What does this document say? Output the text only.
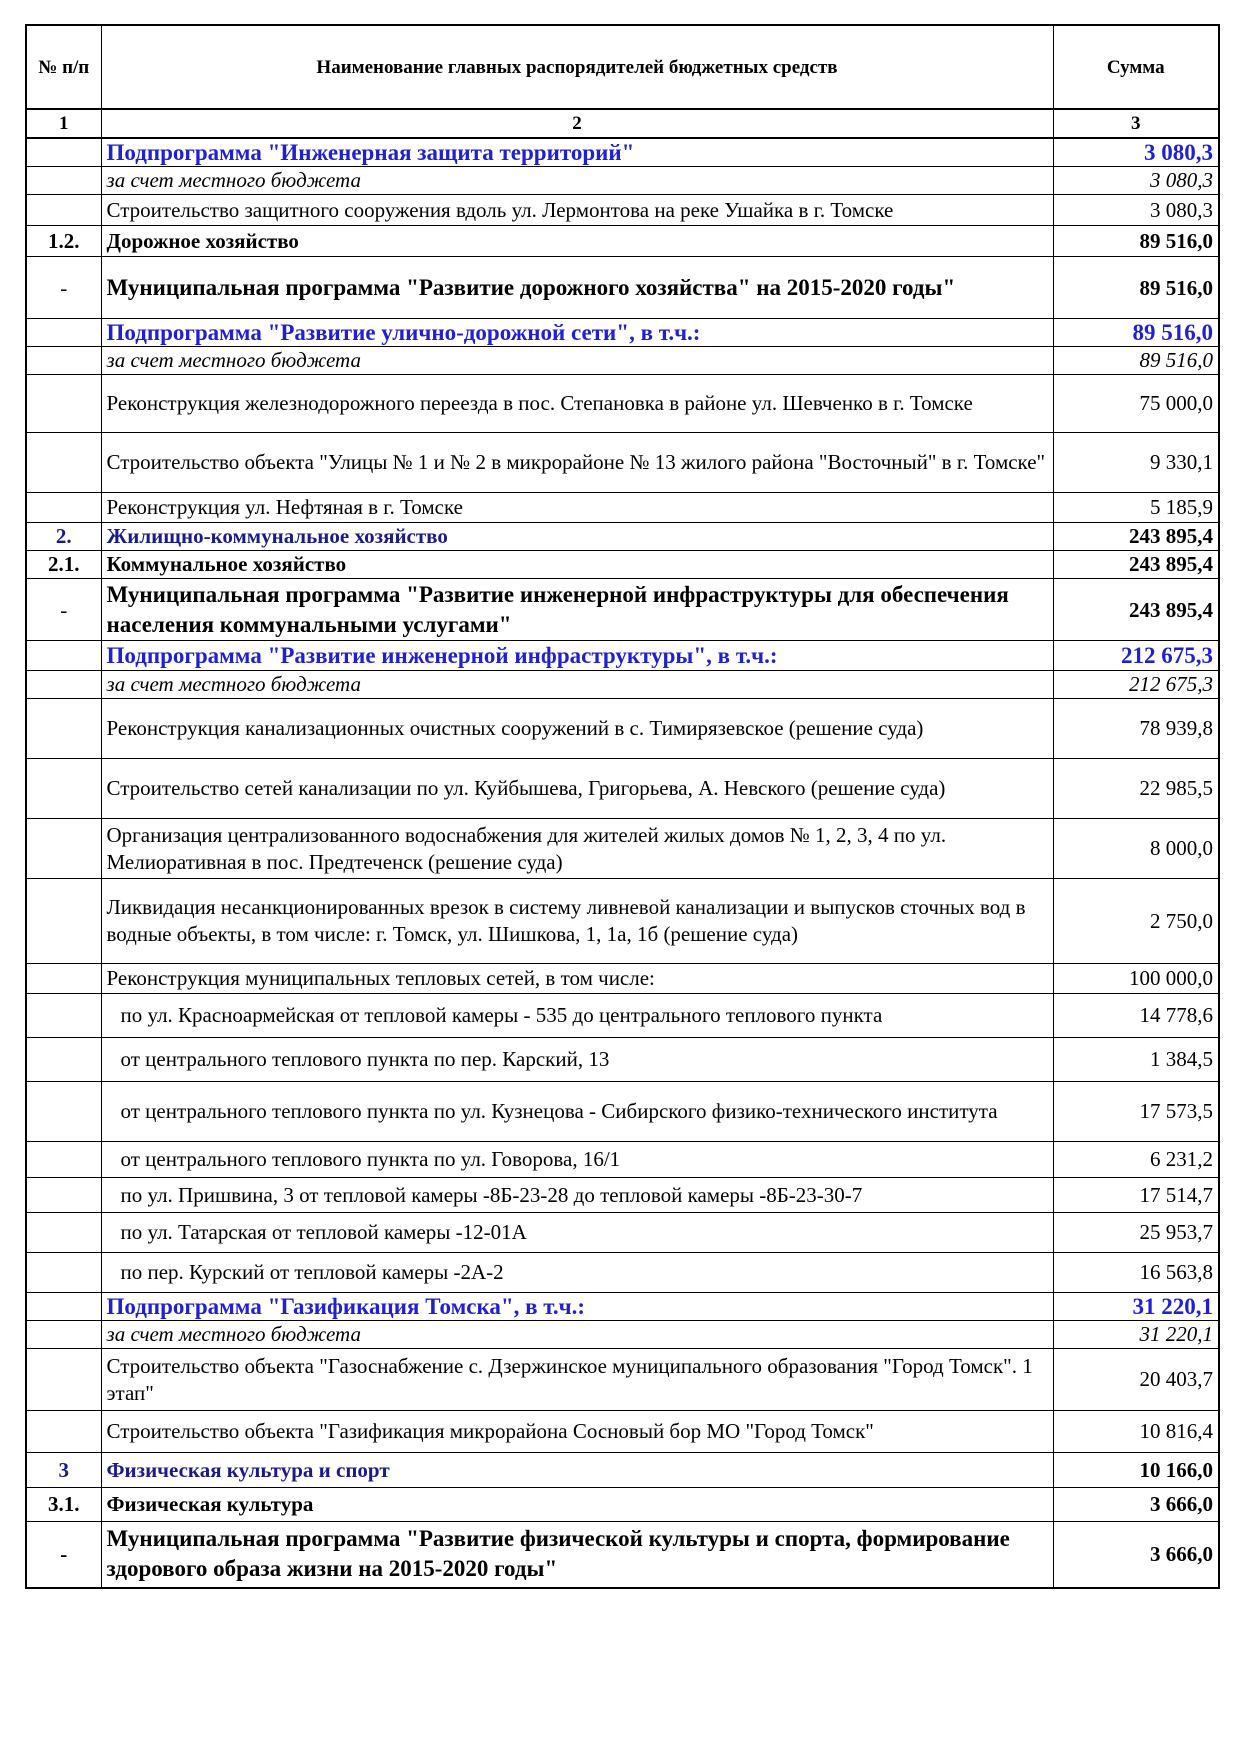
№ п/п	Наименование главных распорядителей бюджетных средств	Сумма
1	2	3
	Подпрограмма "Инженерная защита территорий"	3 080,3
	за счет местного бюджета	3 080,3
	Строительство защитного сооружения вдоль ул. Лермонтова на реке Ушайка в г. Томске	3 080,3
1.2.	Дорожное хозяйство	89 516,0
-	Муниципальная программа "Развитие дорожного хозяйства" на 2015-2020 годы"	89 516,0
	Подпрограмма "Развитие улично-дорожной сети", в т.ч.:	89 516,0
	за счет местного бюджета	89 516,0
	Реконструкция железнодорожного переезда в пос. Степановка в районе ул. Шевченко в г. Томске	75 000,0
	Строительство объекта "Улицы № 1 и № 2 в микрорайоне № 13 жилого района "Восточный" в г. Томске"	9 330,1
	Реконструкция ул. Нефтяная в г. Томске	5 185,9
2.	Жилищно-коммунальное хозяйство	243 895,4
2.1.	Коммунальное хозяйство	243 895,4
-	Муниципальная программа "Развитие инженерной инфраструктуры для обеспечения населения коммунальными услугами"	243 895,4
	Подпрограмма "Развитие инженерной инфраструктуры", в т.ч.:	212 675,3
	за счет местного бюджета	212 675,3
	Реконструкция канализационных очистных сооружений в с. Тимирязевское (решение суда)	78 939,8
	Строительство сетей канализации по ул. Куйбышева, Григорьева, А. Невского (решение суда)	22 985,5
	Организация централизованного водоснабжения для жителей жилых домов № 1, 2, 3, 4 по ул. Мелиоративная в пос. Предтеченск (решение суда)	8 000,0
	Ликвидация несанкционированных врезок в систему ливневой канализации и выпусков сточных вод в водные объекты, в том числе: г. Томск, ул. Шишкова, 1, 1а, 1б (решение суда)	2 750,0
	Реконструкция муниципальных тепловых сетей, в том числе:	100 000,0
	по ул. Красноармейская от тепловой камеры - 535 до центрального теплового пункта	14 778,6
	от центрального теплового пункта по пер. Карский, 13	1 384,5
	от центрального теплового пункта по ул. Кузнецова - Сибирского физико-технического института	17 573,5
	от центрального теплового пункта по ул. Говорова, 16/1	6 231,2
	по ул. Пришвина, 3 от тепловой камеры -8Б-23-28 до тепловой камеры -8Б-23-30-7	17 514,7
	по ул. Татарская от тепловой камеры -12-01А	25 953,7
	по пер. Курский от тепловой камеры -2А-2	16 563,8
	Подпрограмма "Газификация Томска", в т.ч.:	31 220,1
	за счет местного бюджета	31 220,1
	Строительство объекта "Газоснабжение с. Дзержинское муниципального образования "Город Томск". 1 этап"	20 403,7
	Строительство объекта "Газификация микрорайона Сосновый бор МО "Город Томск"	10 816,4
3	Физическая культура и спорт	10 166,0
3.1.	Физическая культура	3 666,0
-	Муниципальная программа "Развитие физической культуры и спорта, формирование здорового образа жизни на 2015-2020 годы"	3 666,0
